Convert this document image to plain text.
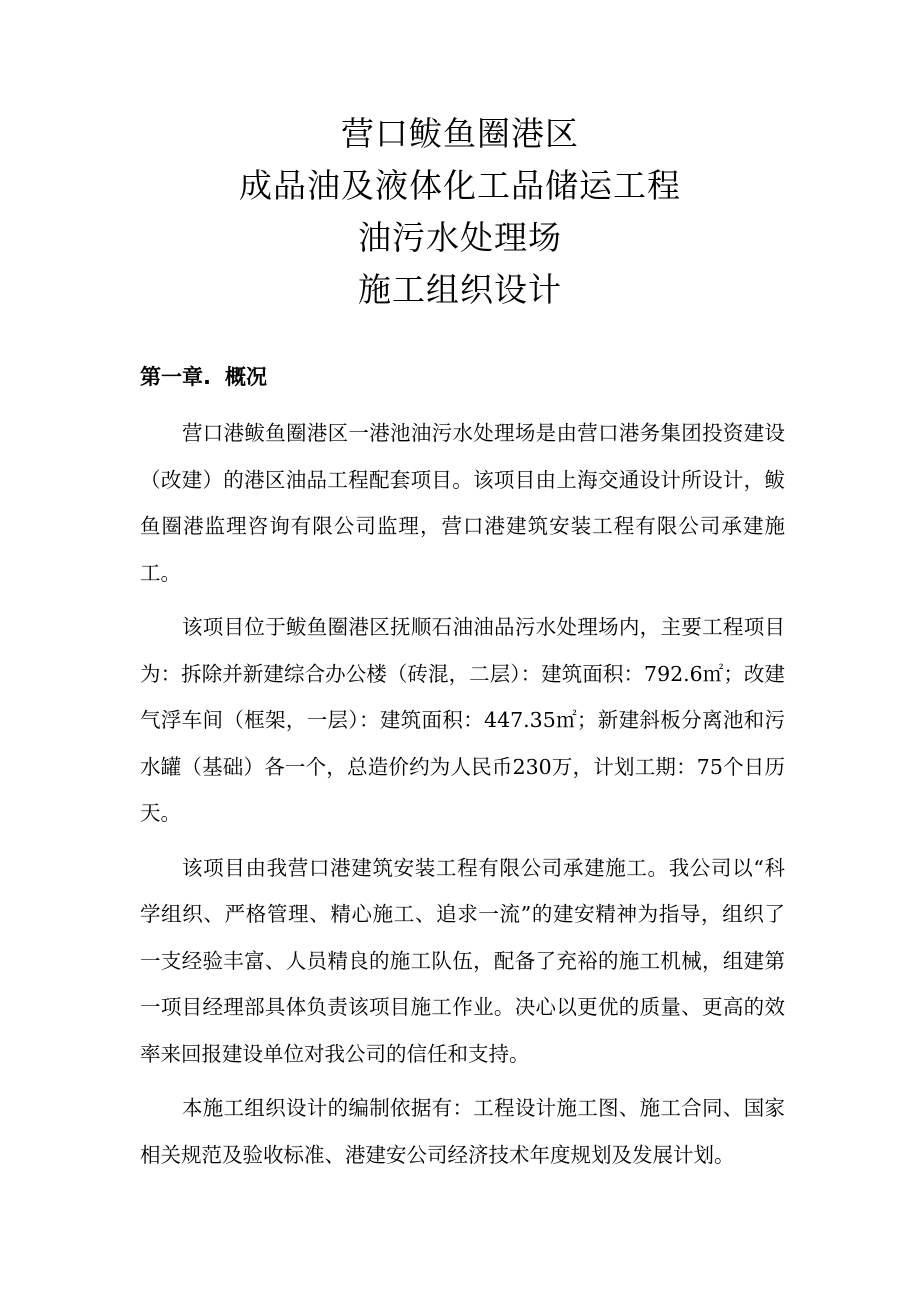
营口鲅鱼圈港区
成品油及液体化工品储运工程
油污水处理场
施工组织设计
第一章. 概况

营口港鲅鱼圈港区一港池油污水处理场是由营口港务集团投资建设（改建）的港区油品工程配套项目。该项目由上海交通设计所设计，鲅鱼圈港监理咨询有限公司监理，营口港建筑安装工程有限公司承建施工。

该项目位于鲅鱼圈港区抚顺石油油品污水处理场内，主要工程项目为：拆除并新建综合办公楼（砖混，二层）：建筑面积：792.6㎡；改建气浮车间（框架，一层）：建筑面积：447.35㎡；新建斜板分离池和污水罐（基础）各一个，总造价约为人民币230万，计划工期：75个日历天。

该项目由我营口港建筑安装工程有限公司承建施工。我公司以“科学组织、严格管理、精心施工、追求一流”的建安精神为指导，组织了一支经验丰富、人员精良的施工队伍，配备了充裕的施工机械，组建第一项目经理部具体负责该项目施工作业。决心以更优的质量、更高的效率来回报建设单位对我公司的信任和支持。

本施工组织设计的编制依据有：工程设计施工图、施工合同、国家相关规范及验收标准、港建安公司经济技术年度规划及发展计划。
